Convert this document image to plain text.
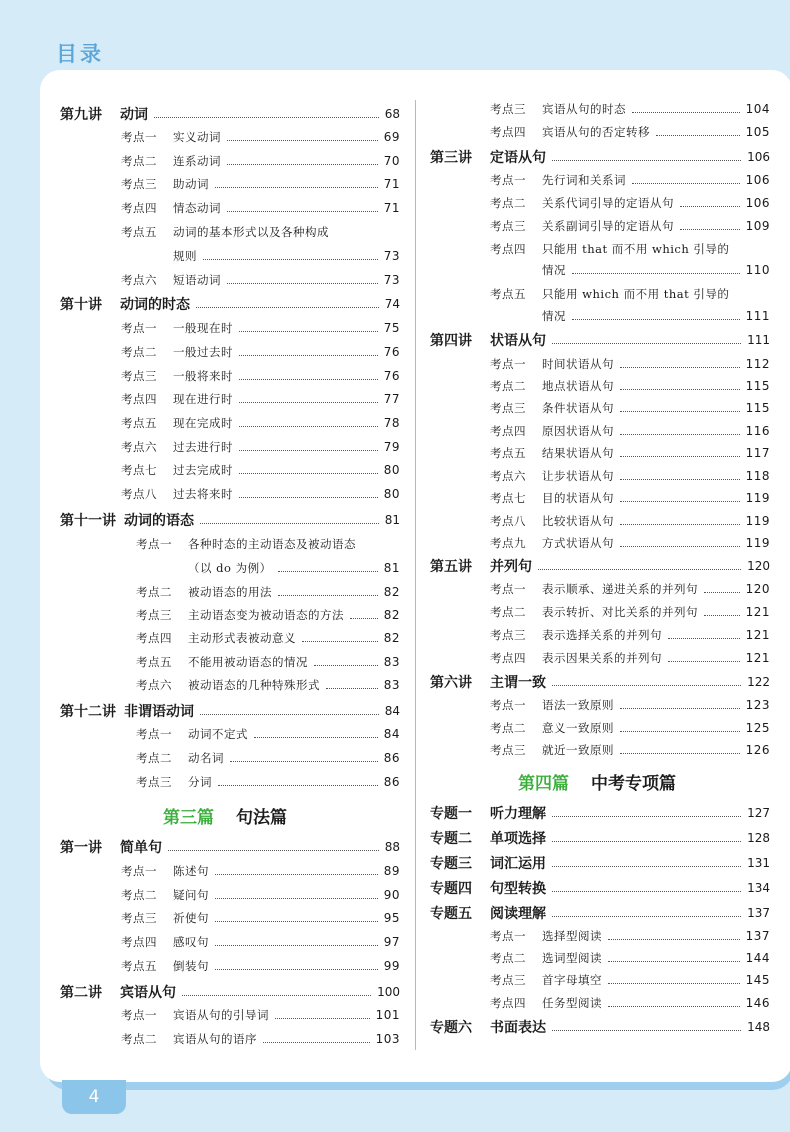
目录
第九讲	动词	68
考点一	实义动词	69
考点二	连系动词	70
考点三	助动词	71
考点四	情态动词	71
考点五	动词的基本形式以及各种构成
规则	73
考点六	短语动词	73
第十讲	动词的时态	74
考点一	一般现在时	75
考点二	一般过去时	76
考点三	一般将来时	76
考点四	现在进行时	77
考点五	现在完成时	78
考点六	过去进行时	79
考点七	过去完成时	80
考点八	过去将来时	80
第十一讲 动词的语态	81
考点一	各种时态的主动语态及被动语态
（以 do 为例）	81
考点二	被动语态的用法	82
考点三	主动语态变为被动语态的方法	82
考点四	主动形式表被动意义	82
考点五	不能用被动语态的情况	83
考点六	被动语态的几种特殊形式	83
第十二讲 非谓语动词	84
考点一	动词不定式	84
考点二	动名词	86
考点三	分词	86
第三篇 句法篇
第一讲	简单句	88
考点一	陈述句	89
考点二	疑问句	90
考点三	祈使句	95
考点四	感叹句	97
考点五	倒装句	99
第二讲	宾语从句	100
考点一	宾语从句的引导词	101
考点二	宾语从句的语序	103
考点三	宾语从句的时态	104
考点四	宾语从句的否定转移	105
第三讲	定语从句	106
考点一	先行词和关系词	106
考点二	关系代词引导的定语从句	106
考点三	关系副词引导的定语从句	109
考点四	只能用 that 而不用 which 引导的
情况	110
考点五	只能用 which 而不用 that 引导的
情况	111
第四讲	状语从句	111
考点一	时间状语从句	112
考点二	地点状语从句	115
考点三	条件状语从句	115
考点四	原因状语从句	116
考点五	结果状语从句	117
考点六	让步状语从句	118
考点七	目的状语从句	119
考点八	比较状语从句	119
考点九	方式状语从句	119
第五讲	并列句	120
考点一	表示顺承、递进关系的并列句	120
考点二	表示转折、对比关系的并列句	121
考点三	表示选择关系的并列句	121
考点四	表示因果关系的并列句	121
第六讲	主谓一致	122
考点一	语法一致原则	123
考点二	意义一致原则	125
考点三	就近一致原则	126
第四篇 中考专项篇
专题一	听力理解	127
专题二	单项选择	128
专题三	词汇运用	131
专题四	句型转换	134
专题五	阅读理解	137
考点一	选择型阅读	137
考点二	选词型阅读	144
考点三	首字母填空	145
考点四	任务型阅读	146
专题六	书面表达	148
4
